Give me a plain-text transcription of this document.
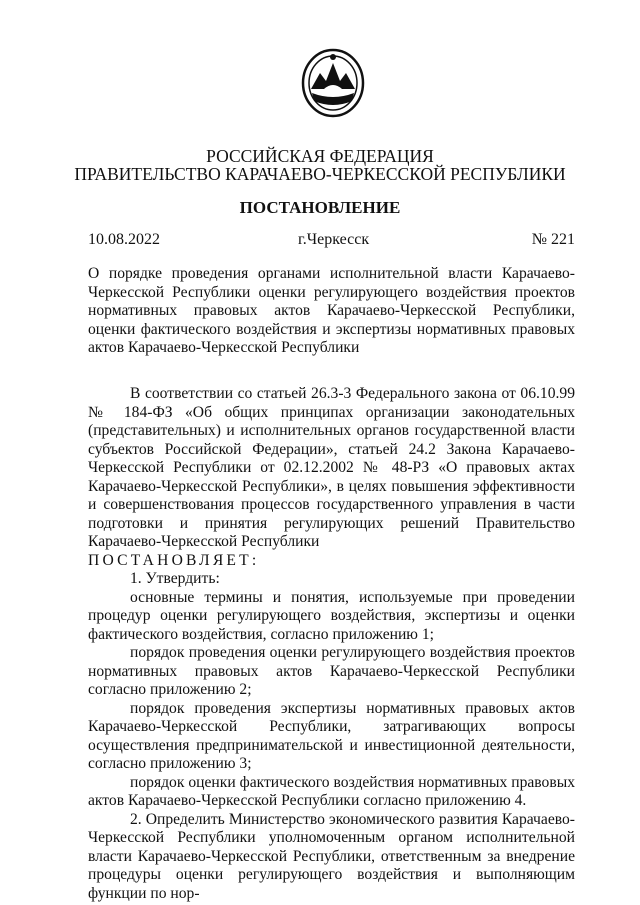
РОССИЙСКАЯ ФЕДЕРАЦИЯ
ПРАВИТЕЛЬСТВО КАРАЧАЕВО-ЧЕРКЕССКОЙ РЕСПУБЛИКИ
ПОСТАНОВЛЕНИЕ
10.08.2022	г.Черкесск	№ 221
О порядке проведения органами исполнительной власти Карачаево-Черкесской Республики оценки регулирующего воздействия проектов нормативных правовых актов Карачаево-Черкесской Республики, оценки фактического воздействия и экспертизы нормативных правовых актов Карачаево-Черкесской Республики

В соответствии со статьей 26.3-3 Федерального закона от 06.10.99 № 184-ФЗ «Об общих принципах организации законодательных (представительных) и исполнительных органов государственной власти субъектов Российской Федерации», статьей 24.2 Закона Карачаево-Черкесской Республики от 02.12.2002 № 48-РЗ «О правовых актах Карачаево-Черкесской Республики», в целях повышения эффективности и совершенствования процессов государственного управления в части подготовки и принятия регулирующих решений Правительство Карачаево-Черкесской Республики

ПОСТАНОВЛЯЕТ:

1. Утвердить:

основные термины и понятия, используемые при проведении процедур оценки регулирующего воздействия, экспертизы и оценки фактического воздействия, согласно приложению 1;

порядок проведения оценки регулирующего воздействия проектов нормативных правовых актов Карачаево-Черкесской Республики согласно приложению 2;

порядок проведения экспертизы нормативных правовых актов Карачаево-Черкесской Республики, затрагивающих вопросы осуществления предпринимательской и инвестиционной деятельности, согласно приложению 3;

порядок оценки фактического воздействия нормативных правовых актов Карачаево-Черкесской Республики согласно приложению 4.

2. Определить Министерство экономического развития Карачаево-Черкесской Республики уполномоченным органом исполнительной власти Карачаево-Черкесской Республики, ответственным за внедрение процедуры оценки регулирующего воздействия и выполняющим функции по нор-
